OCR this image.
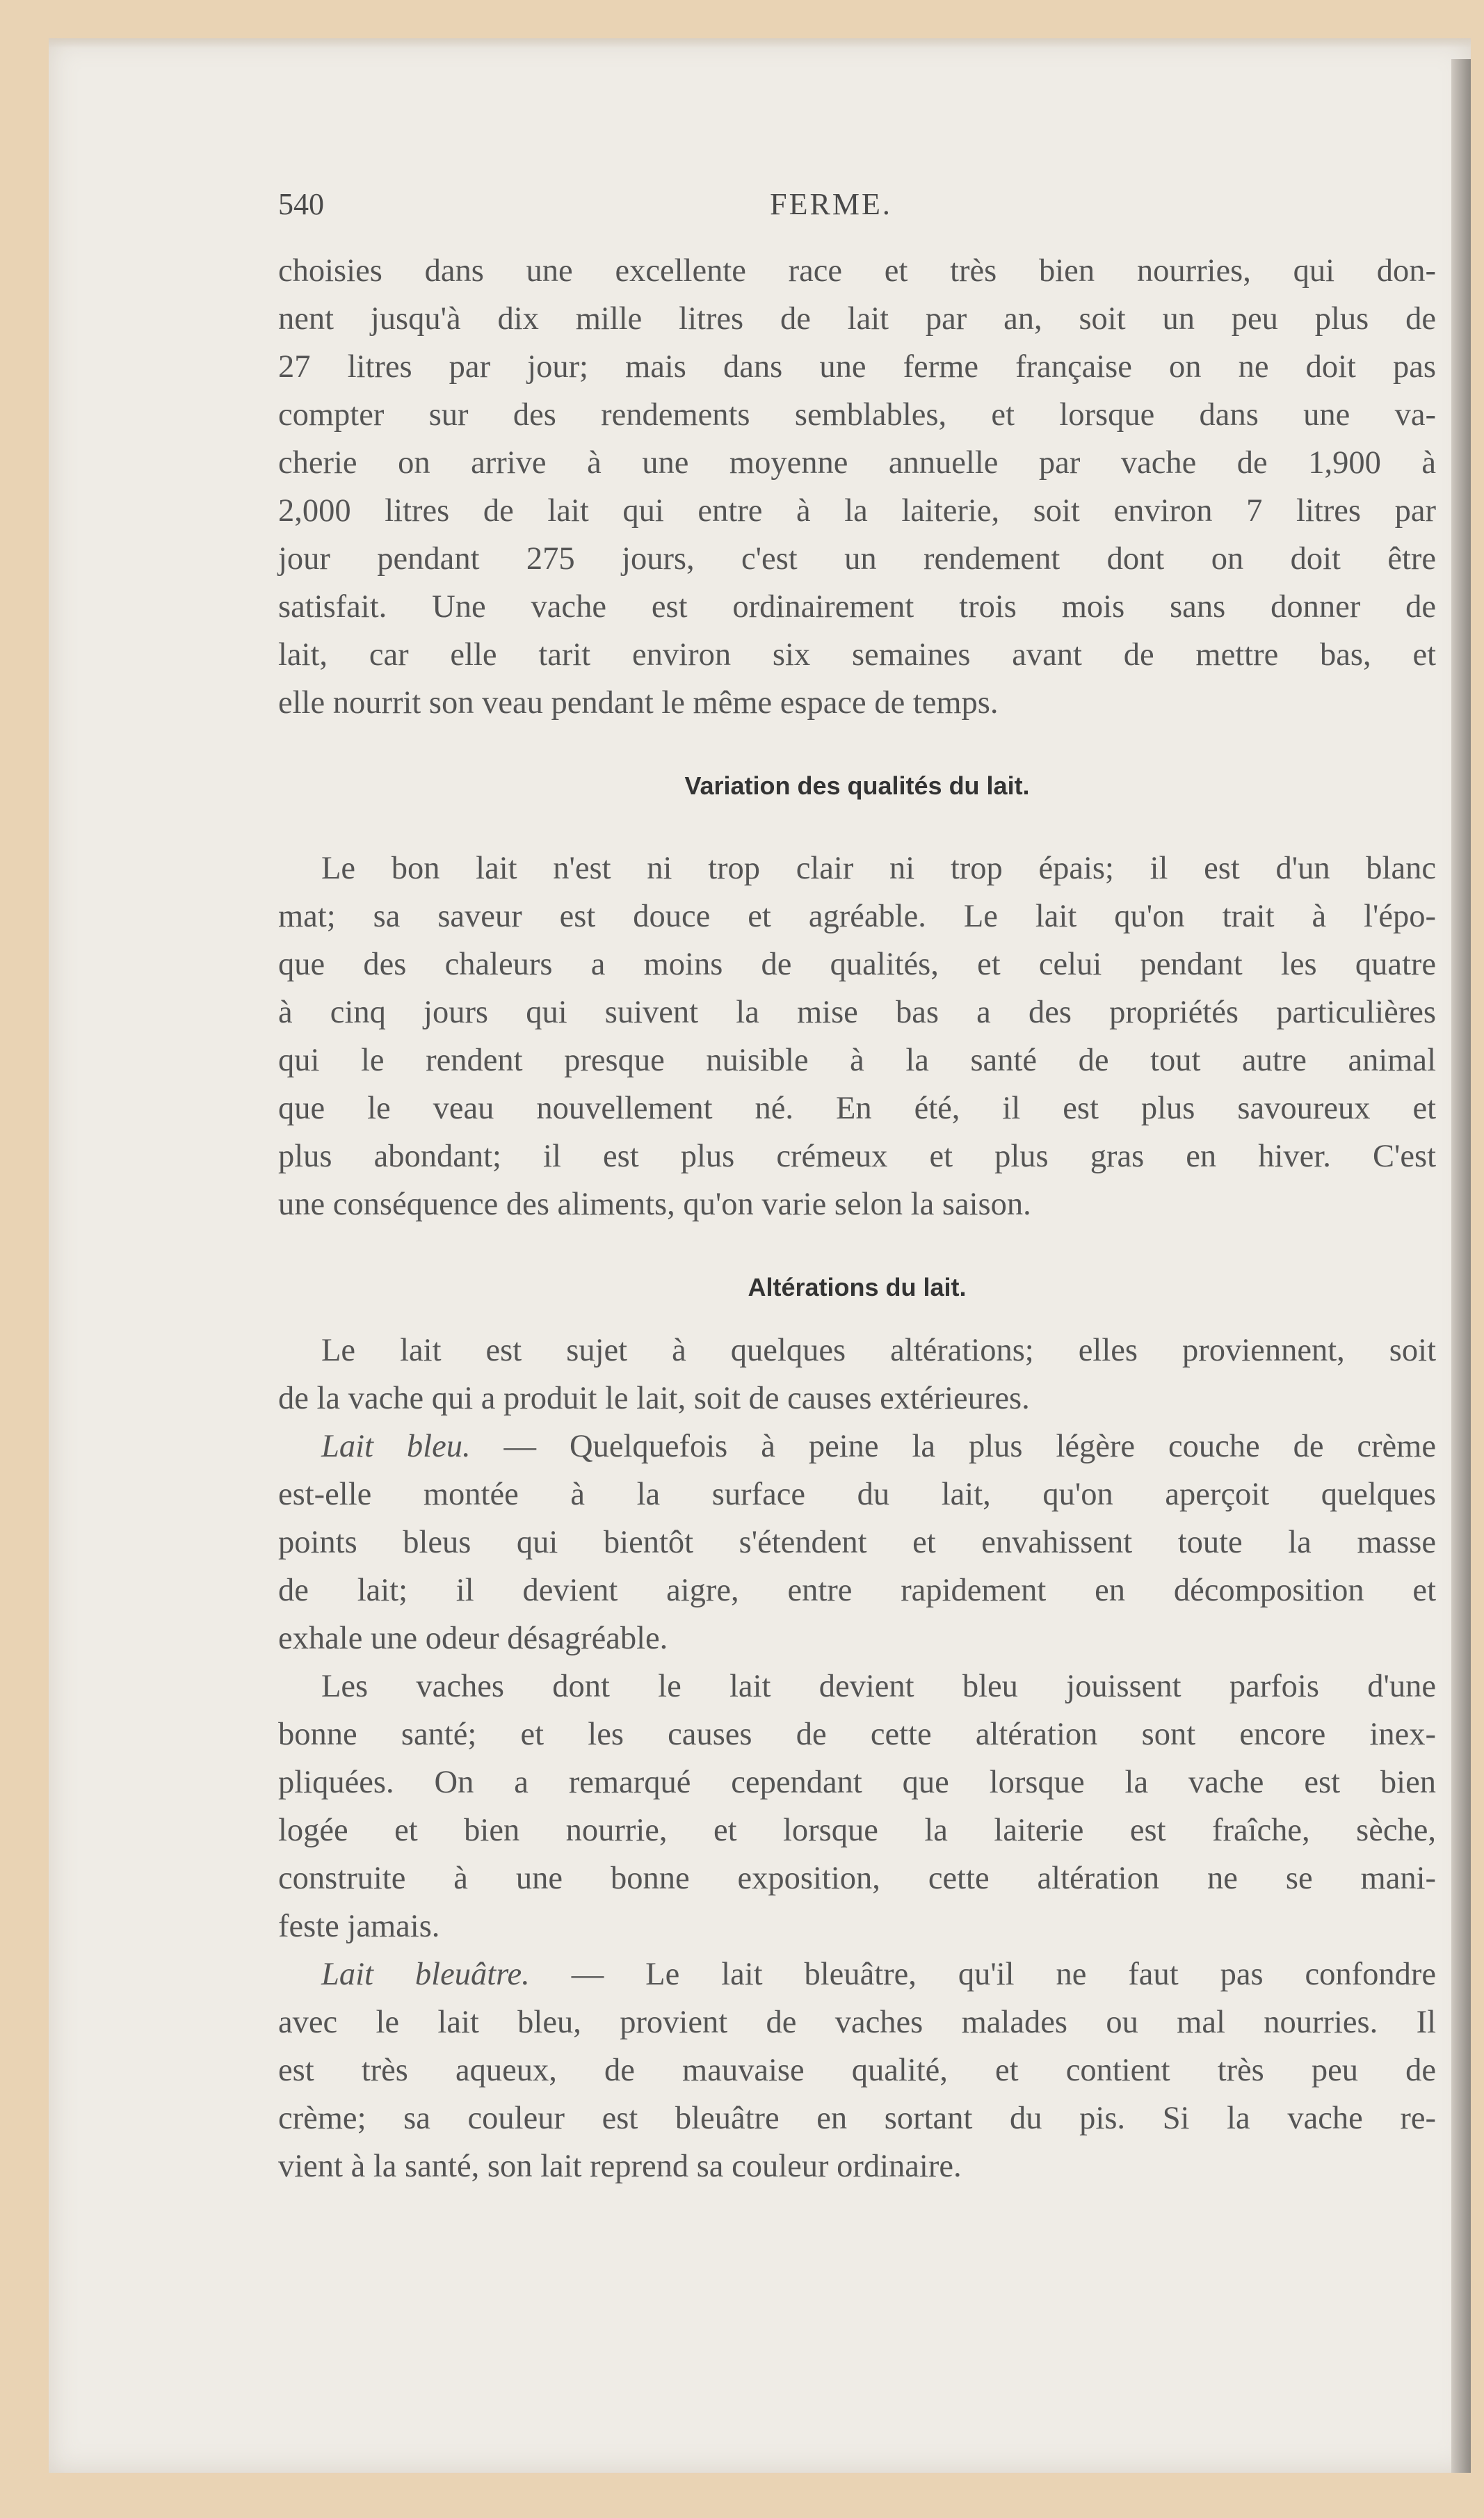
540	FERME.
choisies dans une excellente race et très bien nourries, qui don-
nent jusqu'à dix mille litres de lait par an, soit un peu plus de
27 litres par jour; mais dans une ferme française on ne doit pas
compter sur des rendements semblables, et lorsque dans une va-
cherie on arrive à une moyenne annuelle par vache de 1,900 à
2,000 litres de lait qui entre à la laiterie, soit environ 7 litres par
jour pendant 275 jours, c'est un rendement dont on doit être
satisfait. Une vache est ordinairement trois mois sans donner de
lait, car elle tarit environ six semaines avant de mettre bas, et
elle nourrit son veau pendant le même espace de temps.
Variation des qualités du lait.
Le bon lait n'est ni trop clair ni trop épais; il est d'un blanc
mat; sa saveur est douce et agréable. Le lait qu'on trait à l'épo-
que des chaleurs a moins de qualités, et celui pendant les quatre
à cinq jours qui suivent la mise bas a des propriétés particulières
qui le rendent presque nuisible à la santé de tout autre animal
que le veau nouvellement né. En été, il est plus savoureux et
plus abondant; il est plus crémeux et plus gras en hiver. C'est
une conséquence des aliments, qu'on varie selon la saison.
Altérations du lait.
Le lait est sujet à quelques altérations; elles proviennent, soit
de la vache qui a produit le lait, soit de causes extérieures.
Lait bleu. — Quelquefois à peine la plus légère couche de crème
est-elle montée à la surface du lait, qu'on aperçoit quelques
points bleus qui bientôt s'étendent et envahissent toute la masse
de lait; il devient aigre, entre rapidement en décomposition et
exhale une odeur désagréable.
Les vaches dont le lait devient bleu jouissent parfois d'une
bonne santé; et les causes de cette altération sont encore inex-
pliquées. On a remarqué cependant que lorsque la vache est bien
logée et bien nourrie, et lorsque la laiterie est fraîche, sèche,
construite à une bonne exposition, cette altération ne se mani-
feste jamais.
Lait bleuâtre. — Le lait bleuâtre, qu'il ne faut pas confondre
avec le lait bleu, provient de vaches malades ou mal nourries. Il
est très aqueux, de mauvaise qualité, et contient très peu de
crème; sa couleur est bleuâtre en sortant du pis. Si la vache re-
vient à la santé, son lait reprend sa couleur ordinaire.
